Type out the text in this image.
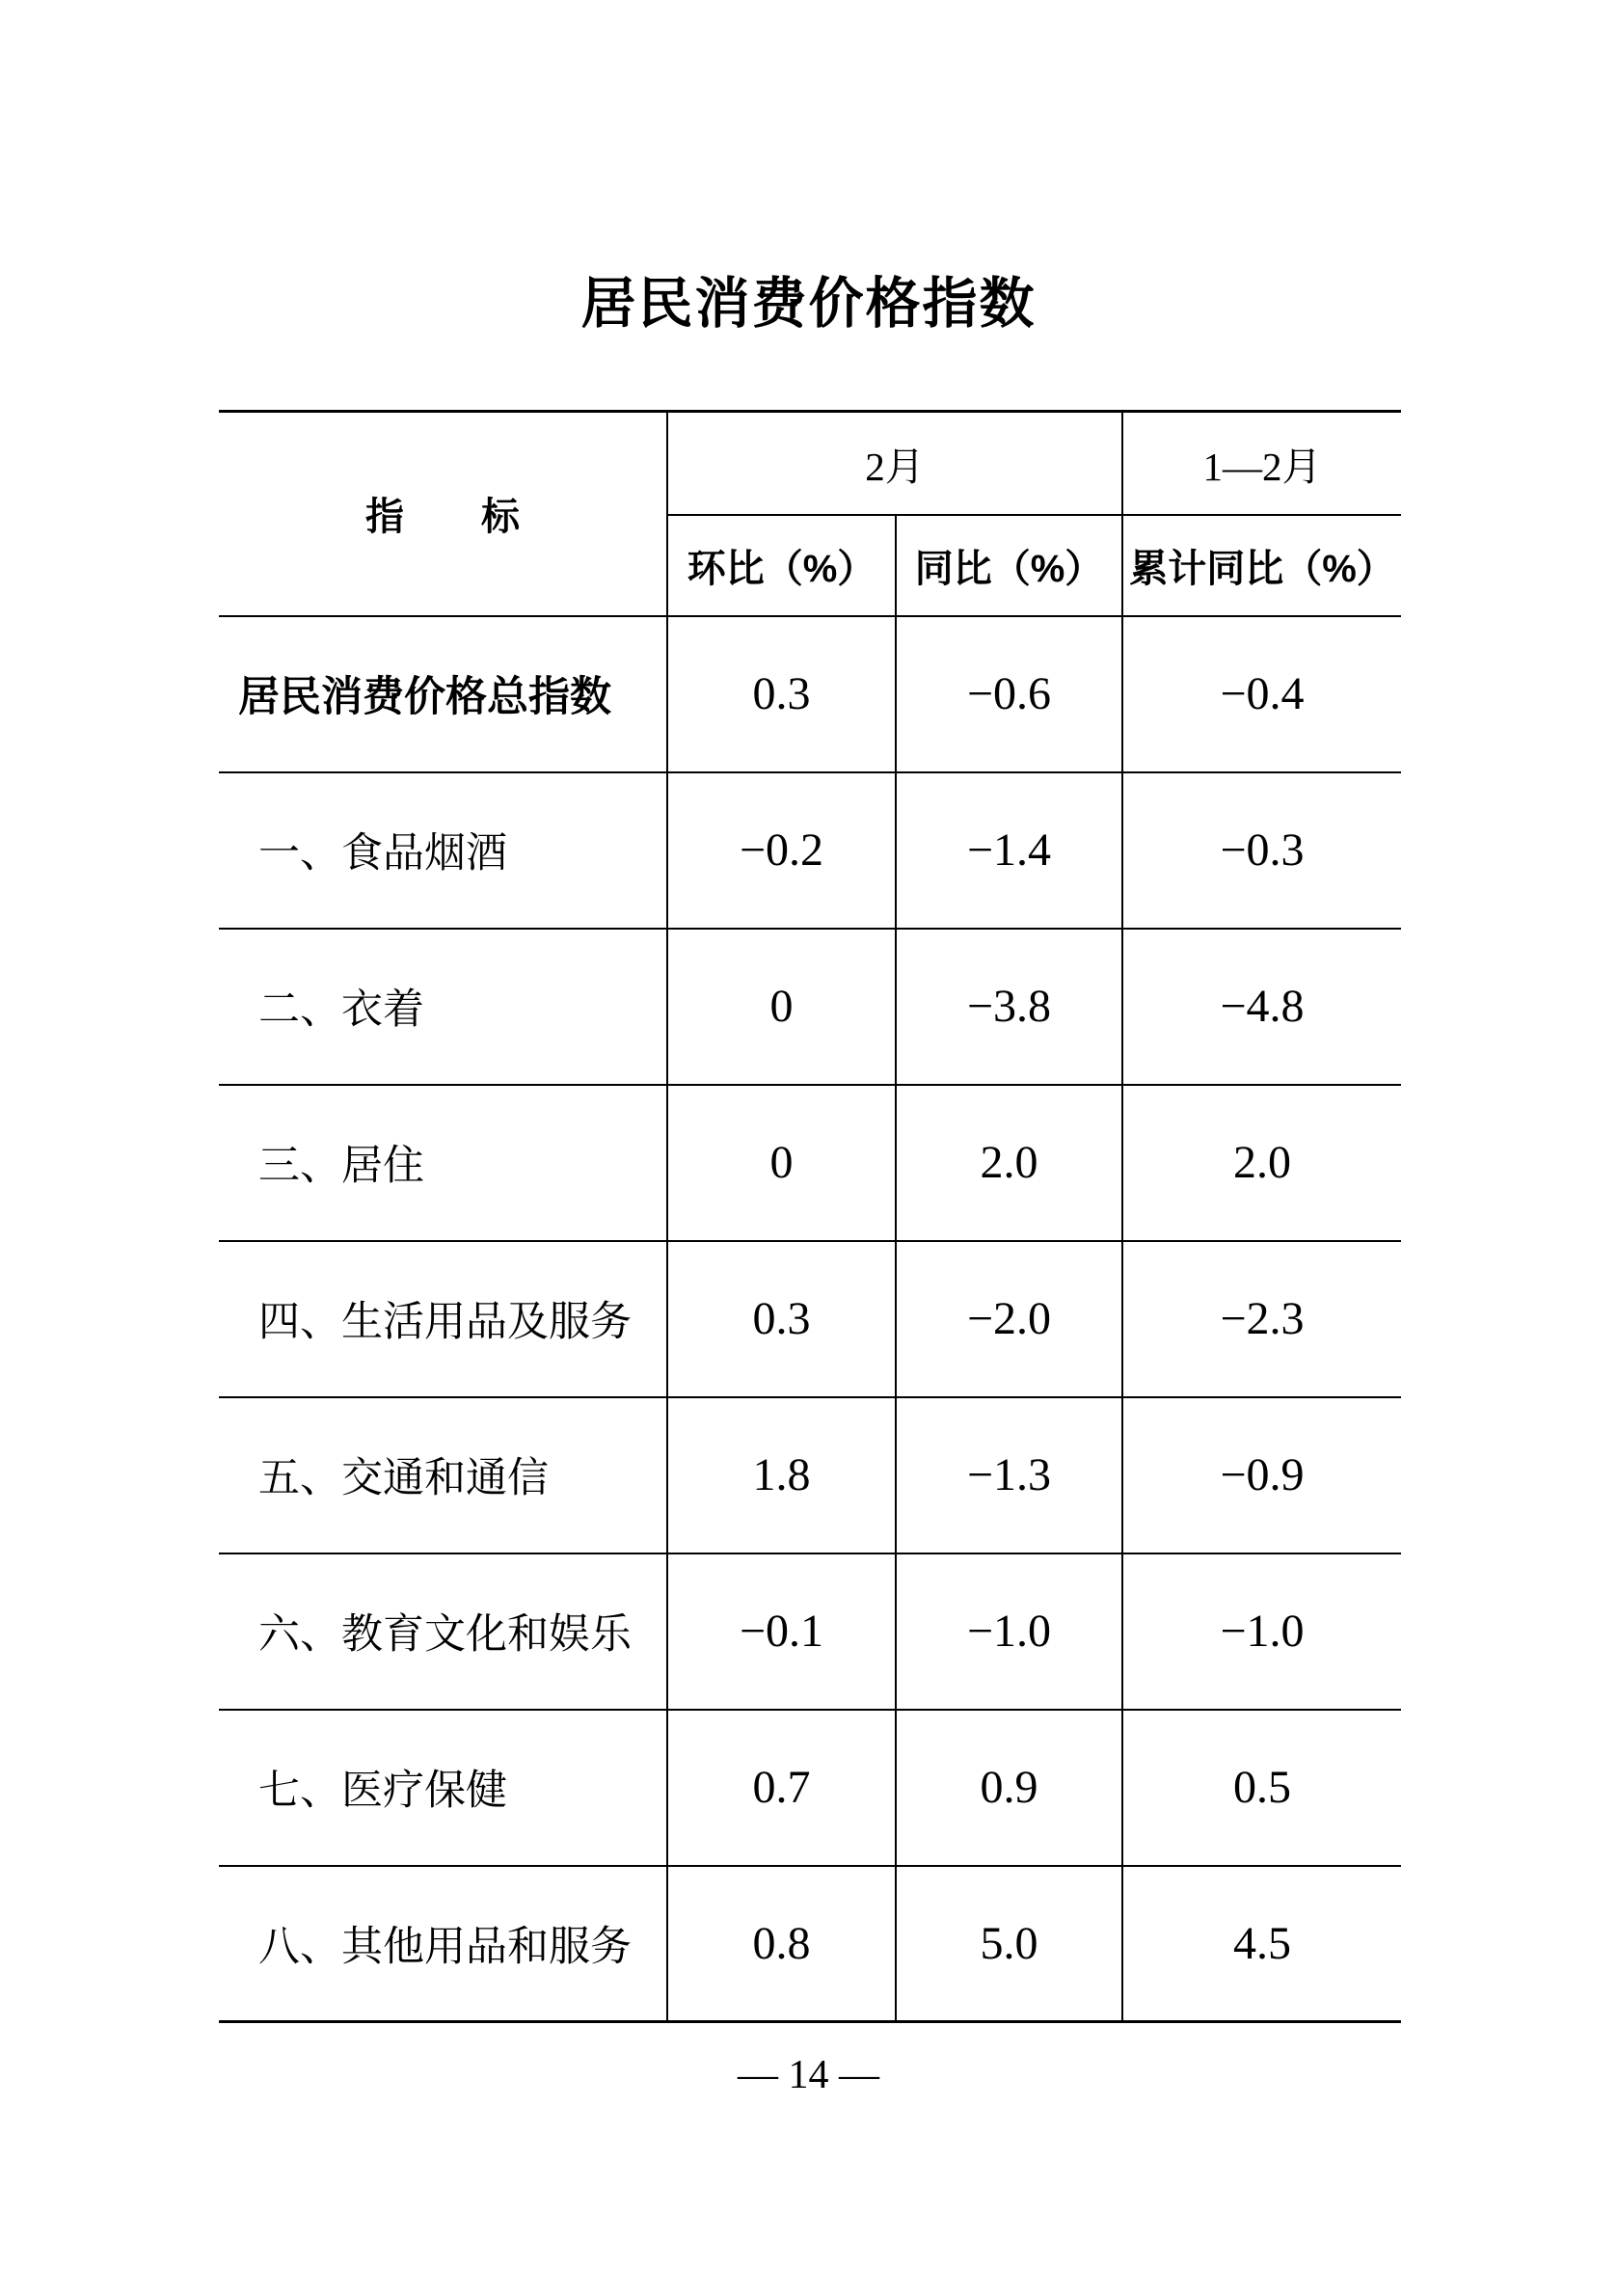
居民消费价格指数
指　　标	2月		1—2月
	环比（%）	同比（%）	累计同比（%）
居民消费价格总指数	0.3	−0.6	−0.4
一、食品烟酒	−0.2	−1.4	−0.3
二、衣着	0	−3.8	−4.8
三、居住	0	2.0	2.0
四、生活用品及服务	0.3	−2.0	−2.3
五、交通和通信	1.8	−1.3	−0.9
六、教育文化和娱乐	−0.1	−1.0	−1.0
七、医疗保健	0.7	0.9	0.5
八、其他用品和服务	0.8	5.0	4.5
— 14 —
